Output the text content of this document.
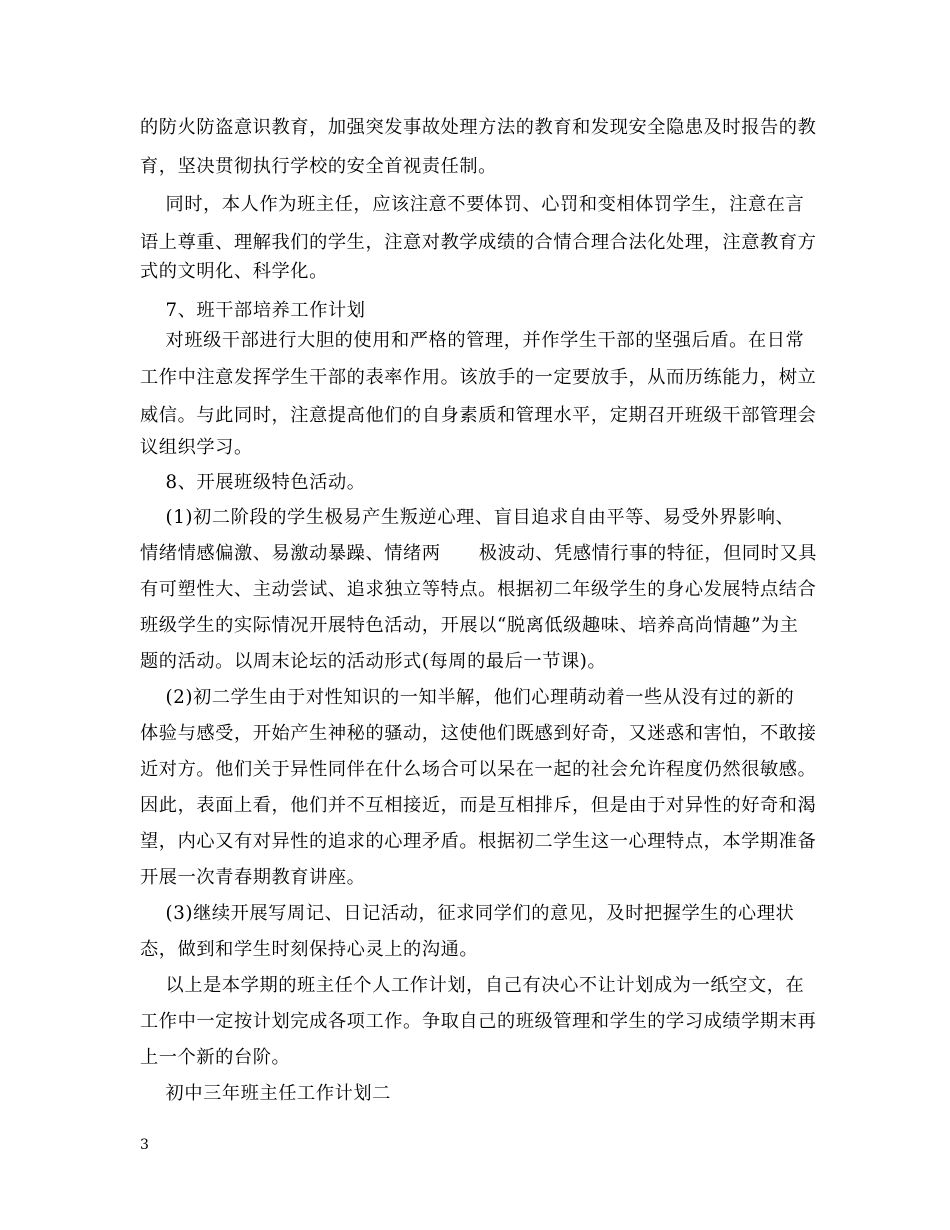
的防火防盗意识教育，加强突发事故处理方法的教育和发现安全隐患及时报告的教
育，坚决贯彻执行学校的安全首视责任制。
同时，本人作为班主任，应该注意不要体罚、心罚和变相体罚学生，注意在言
语上尊重、理解我们的学生，注意对教学成绩的合情合理合法化处理，注意教育方
式的文明化、科学化。
7、班干部培养工作计划
对班级干部进行大胆的使用和严格的管理，并作学生干部的坚强后盾。在日常
工作中注意发挥学生干部的表率作用。该放手的一定要放手，从而历练能力，树立
威信。与此同时，注意提高他们的自身素质和管理水平，定期召开班级干部管理会
议组织学习。
8、开展班级特色活动。
(1)初二阶段的学生极易产生叛逆心理、盲目追求自由平等、易受外界影响、
情绪情感偏激、易激动暴躁、情绪两      极波动、凭感情行事的特征，但同时又具
有可塑性大、主动尝试、追求独立等特点。根据初二年级学生的身心发展特点结合
班级学生的实际情况开展特色活动，开展以“脱离低级趣味、培养高尚情趣”为主
题的活动。以周末论坛的活动形式(每周的最后一节课)。
(2)初二学生由于对性知识的一知半解，他们心理萌动着一些从没有过的新的
体验与感受，开始产生神秘的骚动，这使他们既感到好奇，又迷惑和害怕，不敢接
近对方。他们关于异性同伴在什么场合可以呆在一起的社会允许程度仍然很敏感。
因此，表面上看，他们并不互相接近，而是互相排斥，但是由于对异性的好奇和渴
望，内心又有对异性的追求的心理矛盾。根据初二学生这一心理特点，本学期准备
开展一次青春期教育讲座。
(3)继续开展写周记、日记活动，征求同学们的意见，及时把握学生的心理状
态，做到和学生时刻保持心灵上的沟通。
以上是本学期的班主任个人工作计划，自己有决心不让计划成为一纸空文，在
工作中一定按计划完成各项工作。争取自己的班级管理和学生的学习成绩学期末再
上一个新的台阶。
初中三年班主任工作计划二
3
